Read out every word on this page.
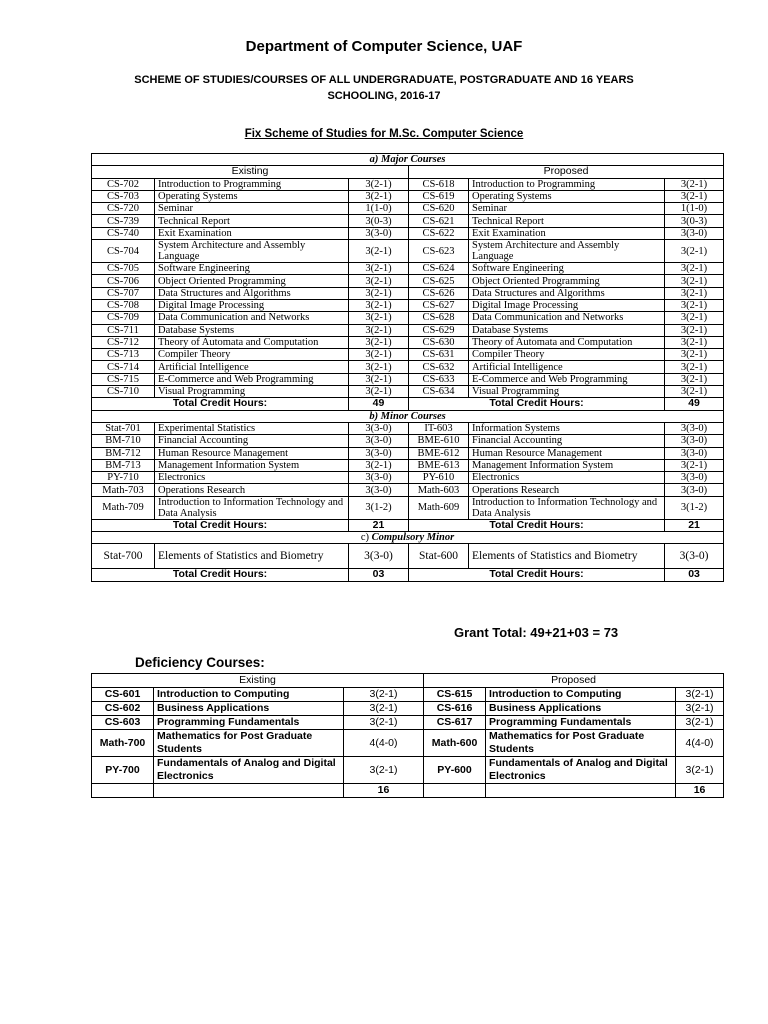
Department of Computer Science, UAF
SCHEME OF STUDIES/COURSES OF ALL UNDERGRADUATE, POSTGRADUATE AND 16 YEARS
SCHOOLING, 2016-17
Fix Scheme of Studies for M.Sc. Computer Science
a) Major Courses					
Existing			Proposed		
CS-702	Introduction to Programming	3(2-1)	CS-618	Introduction to Programming	3(2-1)
CS-703	Operating Systems	3(2-1)	CS-619	Operating Systems	3(2-1)
CS-720	Seminar	1(1-0)	CS-620	Seminar	1(1-0)
CS-739	Technical Report	3(0-3)	CS-621	Technical Report	3(0-3)
CS-740	Exit Examination	3(3-0)	CS-622	Exit Examination	3(3-0)
CS-704	System Architecture and Assembly Language	3(2-1)	CS-623	System Architecture and Assembly Language	3(2-1)
CS-705	Software Engineering	3(2-1)	CS-624	Software Engineering	3(2-1)
CS-706	Object Oriented Programming	3(2-1)	CS-625	Object Oriented Programming	3(2-1)
CS-707	Data Structures and Algorithms	3(2-1)	CS-626	Data Structures and Algorithms	3(2-1)
CS-708	Digital Image Processing	3(2-1)	CS-627	Digital Image Processing	3(2-1)
CS-709	Data Communication and Networks	3(2-1)	CS-628	Data Communication and Networks	3(2-1)
CS-711	Database Systems	3(2-1)	CS-629	Database Systems	3(2-1)
CS-712	Theory of Automata and Computation	3(2-1)	CS-630	Theory of Automata and Computation	3(2-1)
CS-713	Compiler Theory	3(2-1)	CS-631	Compiler Theory	3(2-1)
CS-714	Artificial Intelligence	3(2-1)	CS-632	Artificial Intelligence	3(2-1)
CS-715	E-Commerce and Web Programming	3(2-1)	CS-633	E-Commerce and Web Programming	3(2-1)
CS-710	Visual Programming	3(2-1)	CS-634	Visual Programming	3(2-1)
Total Credit Hours:		49	Total Credit Hours:		49
b) Minor Courses					
Stat-701	Experimental Statistics	3(3-0)	IT-603	Information Systems	3(3-0)
BM-710	Financial Accounting	3(3-0)	BME-610	Financial Accounting	3(3-0)
BM-712	Human Resource Management	3(3-0)	BME-612	Human Resource Management	3(3-0)
BM-713	Management Information System	3(2-1)	BME-613	Management Information System	3(2-1)
PY-710	Electronics	3(3-0)	PY-610	Electronics	3(3-0)
Math-703	Operations Research	3(3-0)	Math-603	Operations Research	3(3-0)
Math-709	Introduction to Information Technology and Data Analysis	3(1-2)	Math-609	Introduction to Information Technology and Data Analysis	3(1-2)
Total Credit Hours:		21	Total Credit Hours:		21
c) Compulsory Minor					
Stat-700	Elements of Statistics and Biometry	3(3-0)	Stat-600	Elements of Statistics and Biometry	3(3-0)
Total Credit Hours:		03	Total Credit Hours:		03
Grant Total: 49+21+03 = 73
Deficiency Courses:
Existing			Proposed		
CS-601	Introduction to Computing	3(2-1)	CS-615	Introduction to Computing	3(2-1)
CS-602	Business Applications	3(2-1)	CS-616	Business Applications	3(2-1)
CS-603	Programming Fundamentals	3(2-1)	CS-617	Programming Fundamentals	3(2-1)
Math-700	Mathematics for Post Graduate Students	4(4-0)	Math-600	Mathematics for Post Graduate Students	4(4-0)
PY-700	Fundamentals of Analog and Digital Electronics	3(2-1)	PY-600	Fundamentals of Analog and Digital Electronics	3(2-1)
		16			16
